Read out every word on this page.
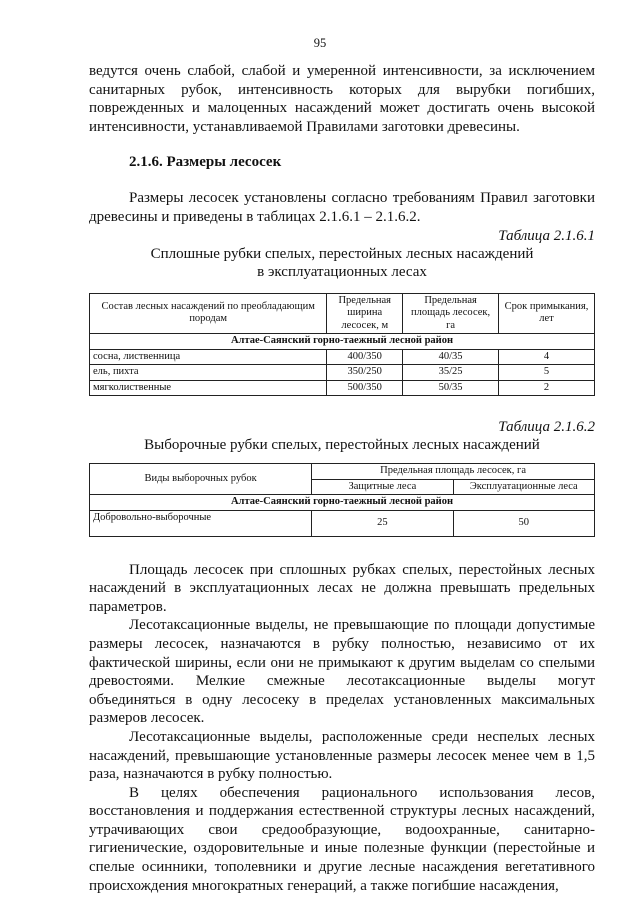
95

ведутся очень слабой, слабой и умеренной интенсивности, за исключением санитарных рубок, интенсивность которых для вырубки погибших, поврежденных и малоценных насаждений может достигать очень высокой интенсивности, устанавливаемой Правилами заготовки древесины.

2.1.6. Размеры лесосек

Размеры лесосек установлены согласно требованиям Правил заготовки древесины и приведены в таблицах 2.1.6.1 – 2.1.6.2.

Таблица 2.1.6.1
Сплошные рубки спелых, перестойных лесных насаждений
в эксплуатационных лесах
Состав лесных насаждений по преобладающим породам	Предельная ширина лесосек, м	Предельная площадь лесосек, га	Срок примыкания, лет
Алтае-Саянский горно-таежный лесной район			
сосна, лиственница	400/350	40/35	4
ель, пихта	350/250	35/25	5
мягколиственные	500/350	50/35	2
Таблица 2.1.6.2
Выборочные рубки спелых, перестойных лесных насаждений
Виды выборочных рубок	Предельная площадь лесосек, га	
	Защитные леса	Эксплуатационные леса
Алтае-Саянский горно-таежный лесной район		
Добровольно-выборочные	25	50

Площадь лесосек при сплошных рубках спелых, перестойных лесных насаждений в эксплуатационных лесах не должна превышать предельных параметров.

Лесотаксационные выделы, не превышающие по площади допустимые размеры лесосек, назначаются в рубку полностью, независимо от их фактической ширины, если они не примыкают к другим выделам со спелыми древостоями. Мелкие смежные лесотаксационные выделы могут объединяться в одну лесосеку в пределах установленных максимальных размеров лесосек.

Лесотаксационные выделы, расположенные среди неспелых лесных насаждений, превышающие установленные размеры лесосек менее чем в 1,5 раза, назначаются в рубку полностью.

В целях обеспечения рационального использования лесов, восстановления и поддержания естественной структуры лесных насаждений, утрачивающих свои средообразующие, водоохранные, санитарно-гигиенические, оздоровительные и иные полезные функции (перестойные и спелые осинники, тополевники и другие лесные насаждения вегетативного происхождения многократных генераций, а также погибшие насаждения,
